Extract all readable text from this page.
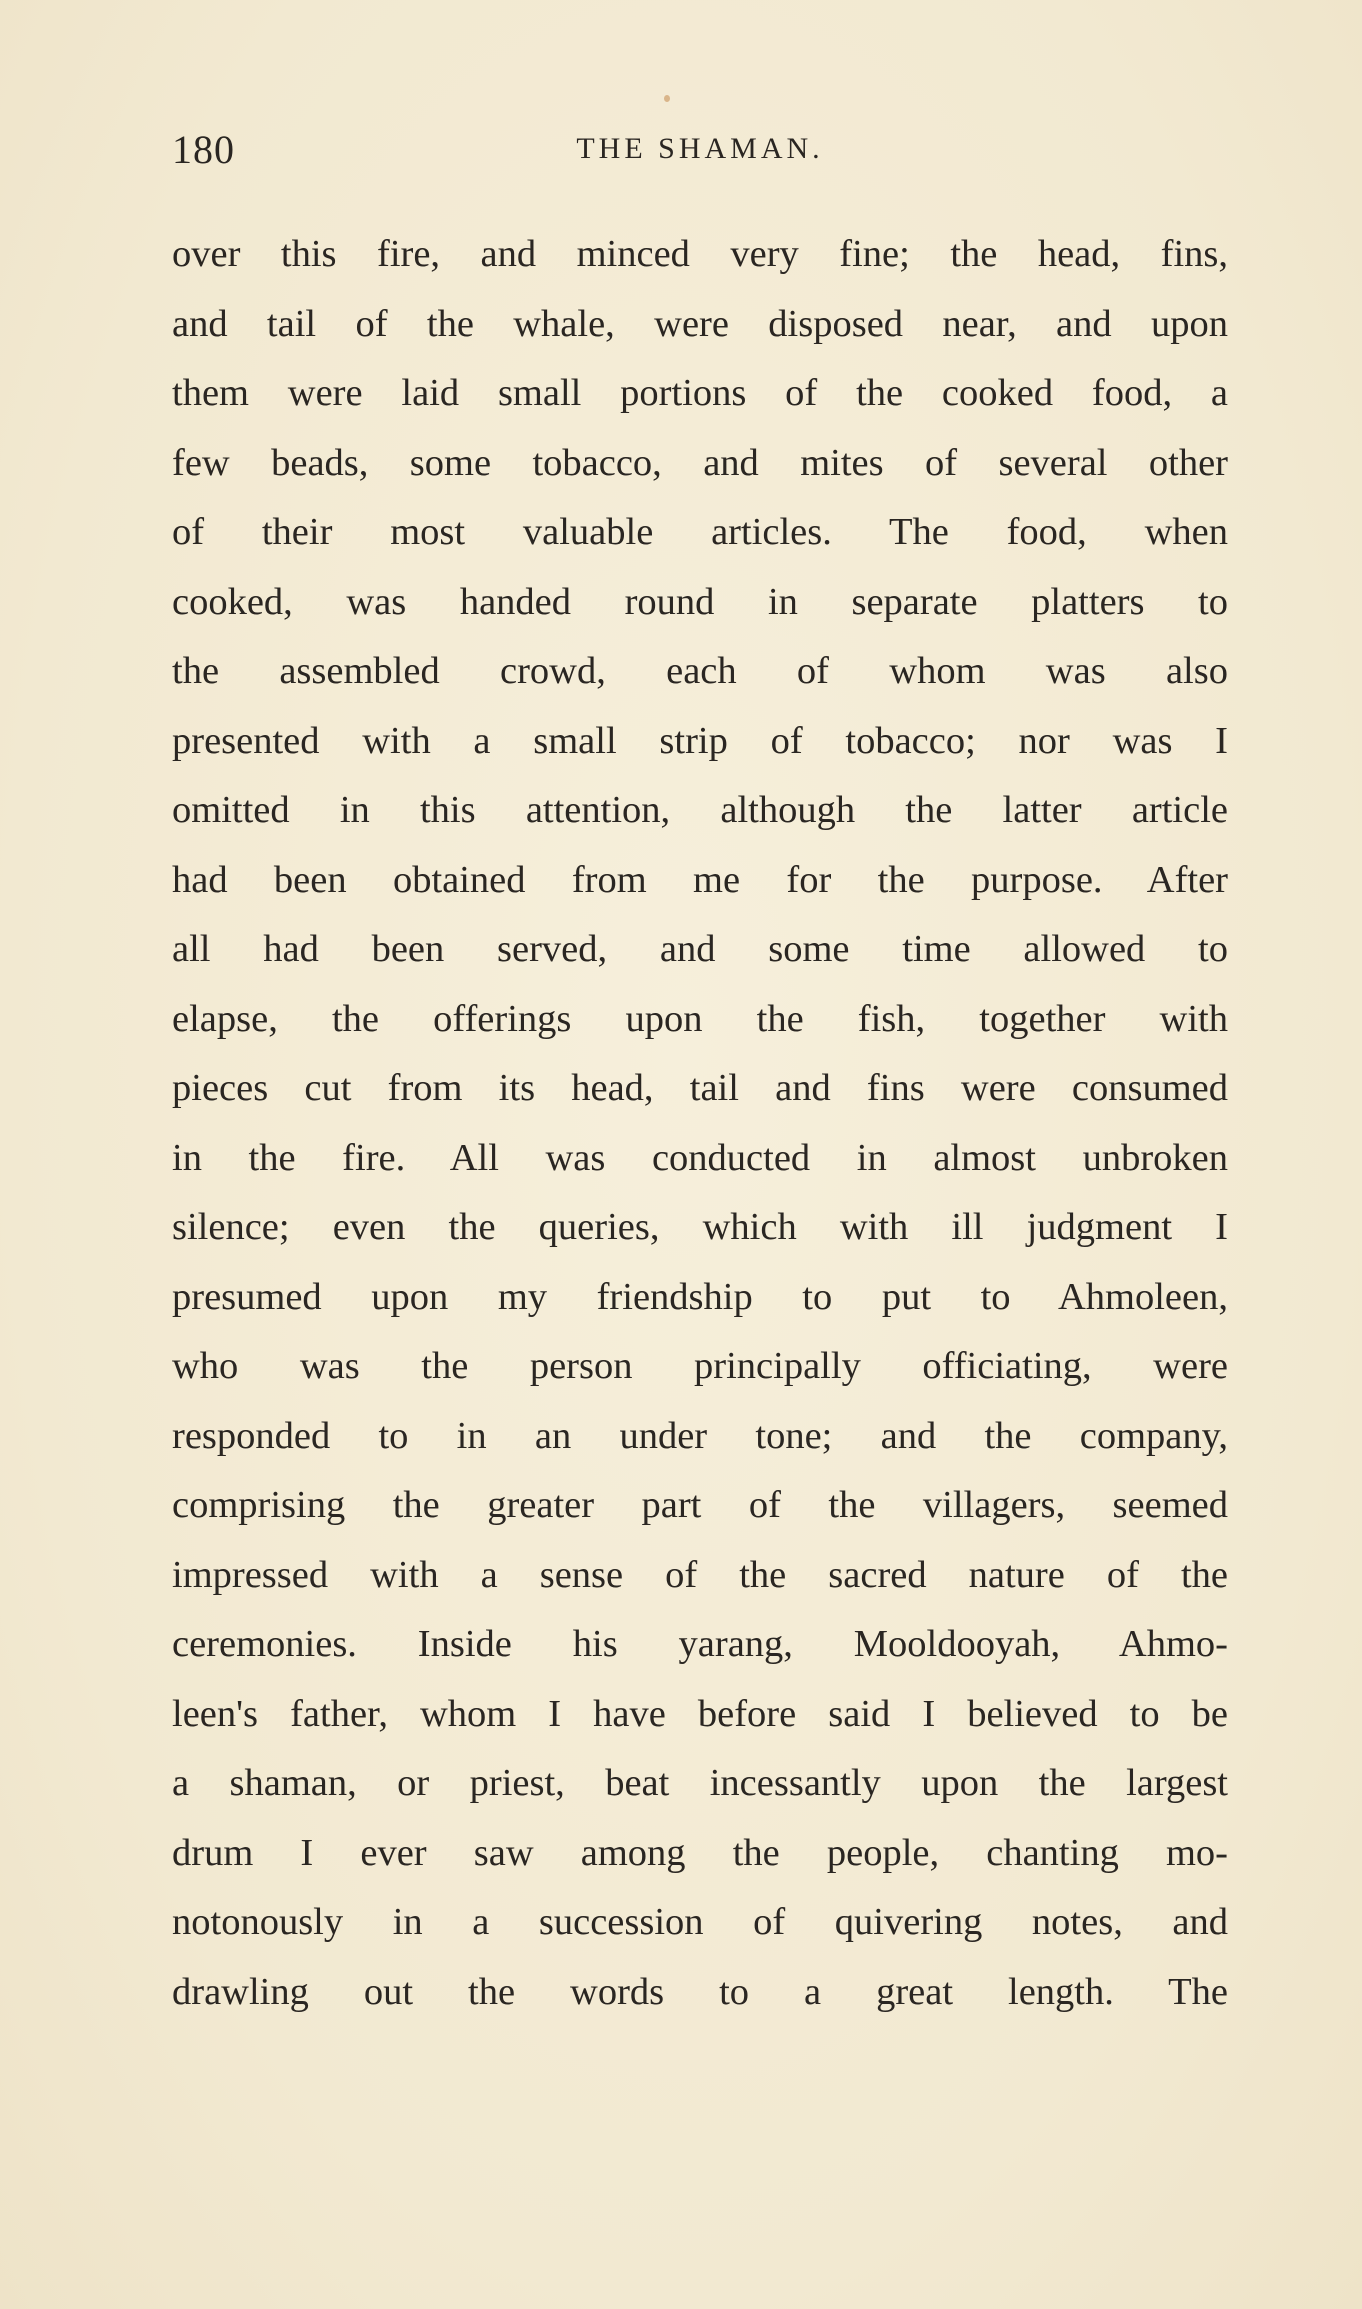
180	THE SHAMAN.
over this fire, and minced very fine; the head, fins,
and tail of the whale, were disposed near, and upon
them were laid small portions of the cooked food, a
few beads, some tobacco, and mites of several other
of their most valuable articles. The food, when
cooked, was handed round in separate platters to
the assembled crowd, each of whom was also
presented with a small strip of tobacco; nor was I
omitted in this attention, although the latter article
had been obtained from me for the purpose. After
all had been served, and some time allowed to
elapse, the offerings upon the fish, together with
pieces cut from its head, tail and fins were consumed
in the fire. All was conducted in almost unbroken
silence; even the queries, which with ill judgment I
presumed upon my friendship to put to Ahmoleen,
who was the person principally officiating, were
responded to in an under tone; and the company,
comprising the greater part of the villagers, seemed
impressed with a sense of the sacred nature of the
ceremonies. Inside his yarang, Mooldooyah, Ahmo-
leen's father, whom I have before said I believed to be
a shaman, or priest, beat incessantly upon the largest
drum I ever saw among the people, chanting mo-
notonously in a succession of quivering notes, and
drawling out the words to a great length. The
